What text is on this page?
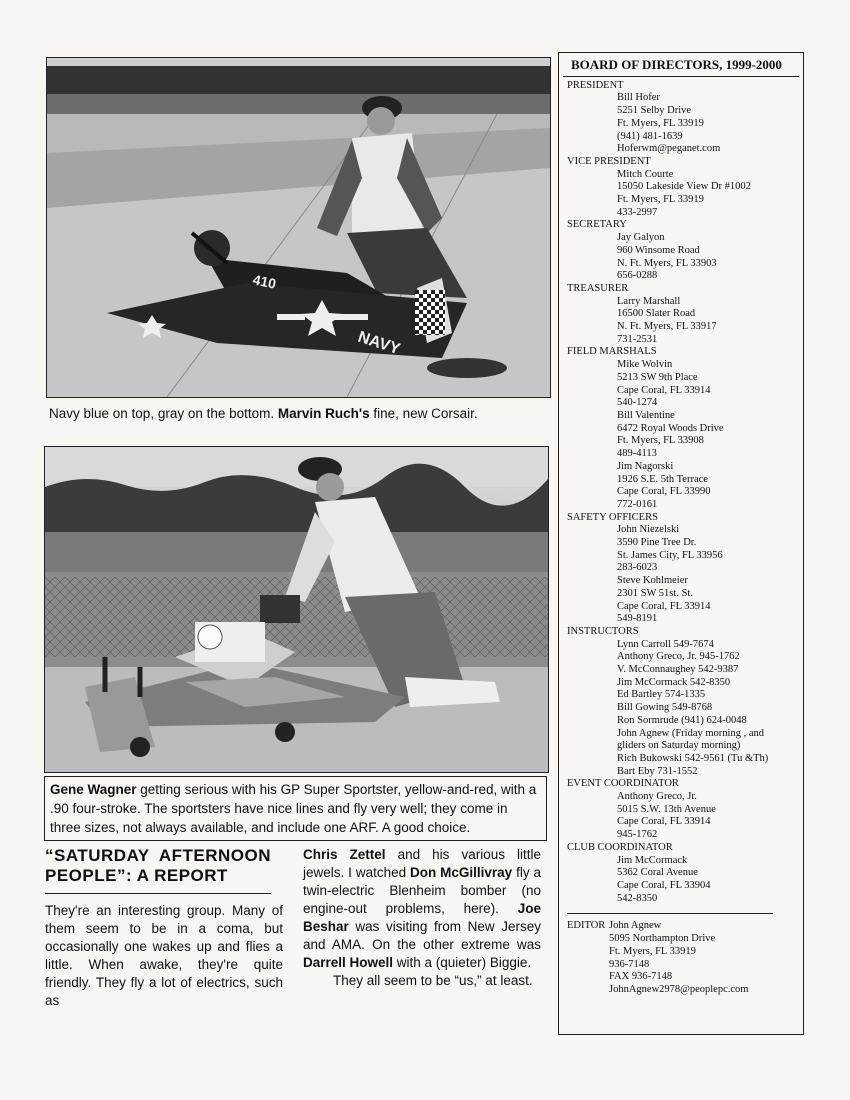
410
NAVY
Navy blue on top, gray on the bottom. Marvin Ruch's fine, new Corsair.
Gene Wagner getting serious with his GP Super Sportster, yellow-and-red, with a .90 four-stroke. The sportsters have nice lines and fly very well; they come in three sizes, not always available, and include one ARF. A good choice.
“SATURDAY AFTERNOON
PEOPLE”: A REPORT

They're an interesting group. Many of them seem to be in a coma, but occasionally one wakes up and flies a little. When awake, they're quite friendly. They fly a lot of electrics, such as

Chris Zettel and his various little jewels. I watched Don McGillivray fly a twin-electric Blenheim bomber (no engine-out problems, here). Joe Beshar was visiting from New Jersey and AMA. On the other extreme was Darrell Howell with a (quieter) Biggie.

They all seem to be “us,” at least.

BOARD OF DIRECTORS, 1999-2000
PRESIDENT
Bill Hofer
5251 Selby Drive
Ft. Myers, FL 33919
(941) 481-1639
Hoferwm@peganet.com
VICE PRESIDENT
Mitch Courte
15050 Lakeside View Dr #1002
Ft. Myers, FL 33919
433-2997
SECRETARY
Jay Galyon
960 Winsome Road
N. Ft. Myers, FL 33903
656-0288
TREASURER
Larry Marshall
16500 Slater Road
N. Ft. Myers, FL 33917
731-2531
FIELD MARSHALS
Mike Wolvin
5213 SW 9th Place
Cape Coral, FL 33914
540-1274
Bill Valentine
6472 Royal Woods Drive
Ft. Myers, FL 33908
489-4113
Jim Nagorski
1926 S.E. 5th Terrace
Cape Coral, FL 33990
772-0161
SAFETY OFFICERS
John Niezelski
3590 Pine Tree Dr.
St. James City, FL 33956
283-6023
Steve Kohlmeier
2301 SW 51st. St.
Cape Coral, FL 33914
549-8191
INSTRUCTORS
Lynn Carroll 549-7674
Anthony Greco, Jr. 945-1762
V. McConnaughey 542-9387
Jim McCormack 542-8350
Ed Bartley 574-1335
Bill Gowing 549-8768
Ron Sormrude (941) 624-0048
John Agnew (Friday morning , and
gliders on Saturday morning)
Rich Bukowski 542-9561 (Tu &Th)
Bart Eby 731-1552
EVENT COORDINATOR
Anthony Greco, Jr.
5015 S.W. 13th Avenue
Cape Coral, FL 33914
945-1762
CLUB COORDINATOR
Jim McCormack
5362 Coral Avenue
Cape Coral, FL 33904
542-8350
EDITOR John Agnew
5095 Northampton Drive
Ft. Myers, FL 33919
936-7148
FAX 936-7148
JohnAgnew2978@peoplepc.com
